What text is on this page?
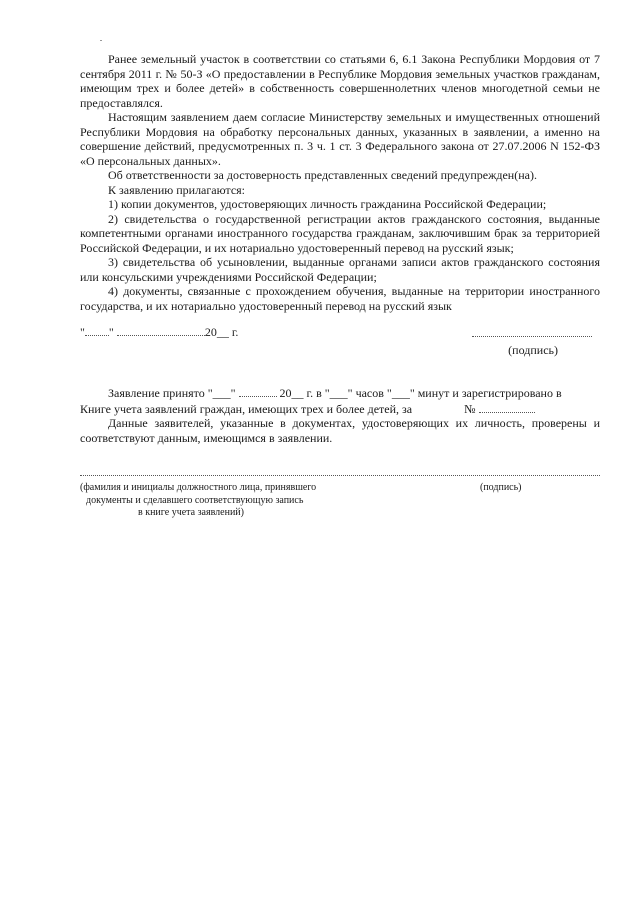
Ранее земельный участок в соответствии со статьями 6, 6.1 Закона Республики Мордовия от 7 сентября 2011 г. № 50-З «О предоставлении в Республике Мордовия земельных участков гражданам, имеющим трех и более детей» в собственность совершеннолетних членов многодетной семьи не предоставлялся.

Настоящим заявлением даем согласие Министерству земельных и имущественных отношений Республики Мордовия на обработку персональных данных, указанных в заявлении, а именно на совершение действий, предусмотренных п. 3 ч. 1 ст. 3 Федерального закона от 27.07.2006 N 152-ФЗ «О персональных данных».

Об ответственности за достоверность представленных сведений предупрежден(на).

К заявлению прилагаются:

1) копии документов, удостоверяющих личность гражданина Российской Федерации;

2) свидетельства о государственной регистрации актов гражданского состояния, выданные компетентными органами иностранного государства гражданам, заключившим брак за территорией Российской Федерации, и их нотариально удостоверенный перевод на русский язык;

3) свидетельства об усыновлении, выданные органами записи актов гражданского состояния или консульскими учреждениями Российской Федерации;

4) документы, связанные с прохождением обучения, выданные на территории иностранного государства, и их нотариально удостоверенный перевод на русский язык

" "	20__ г.
(подпись)

Заявление принято "___"	20__ г. в "___" часов "___" минут и зарегистрировано в

Книге учета заявлений граждан, имеющих трех и более детей, за	№

Данные заявителей, указанные в документах, удостоверяющих их личность, проверены и соответствуют данным, имеющимся в заявлении.

(фамилия и инициалы должностного лица, принявшего
документы и сделавшего соответствующую запись
в книге учета заявлений)
(подпись)
